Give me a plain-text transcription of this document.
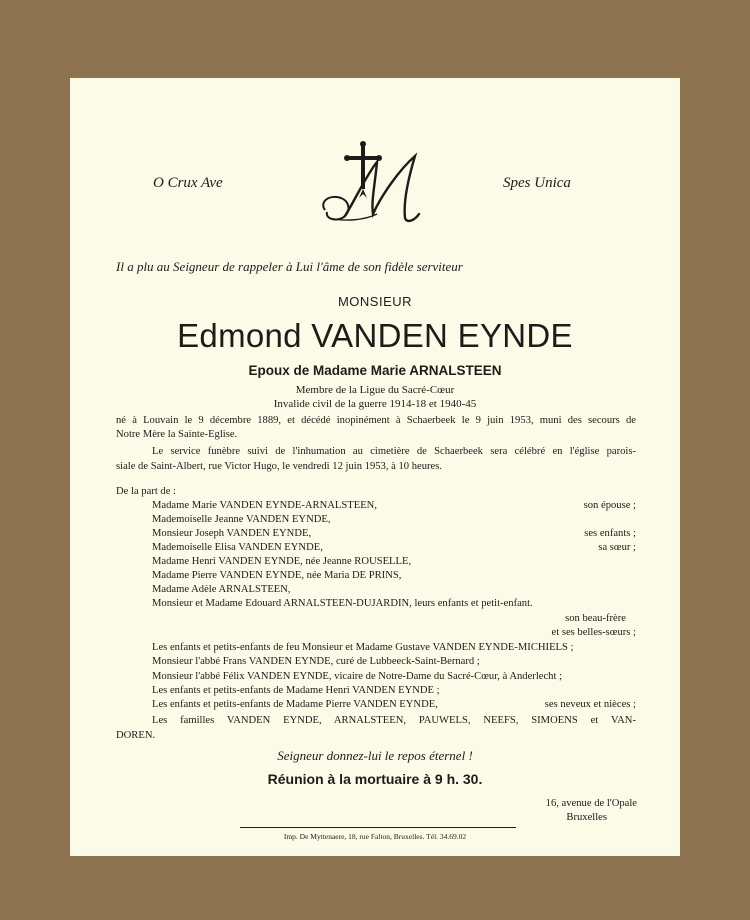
O Crux Ave	Spes Unica
Il a plu au Seigneur de rappeler à Lui l'âme de son fidèle serviteur
MONSIEUR
Edmond VANDEN EYNDE
Epoux de Madame Marie ARNALSTEEN
Membre de la Ligue du Sacré-Cœur
Invalide civil de la guerre 1914-18 et 1940-45
né à Louvain le 9 décembre 1889, et décédé inopinément à Schaerbeek le 9 juin 1953, muni des secours de
Notre Mère la Sainte-Eglise.
Le service funèbre suivi de l'inhumation au cimetière de Schaerbeek sera célébré en l'église parois-
siale de Saint-Albert, rue Victor Hugo, le vendredi 12 juin 1953, à 10 heures.
De la part de :
Madame Marie VANDEN EYNDE-ARNALSTEEN,	son épouse ;
Mademoiselle Jeanne VANDEN EYNDE,
Monsieur Joseph VANDEN EYNDE,	ses enfants ;
Mademoiselle Elisa VANDEN EYNDE,	sa sœur ;
Madame Henri VANDEN EYNDE, née Jeanne ROUSELLE,
Madame Pierre VANDEN EYNDE, née Maria DE PRINS,
Madame Adèle ARNALSTEEN,
Monsieur et Madame Edouard ARNALSTEEN-DUJARDIN, leurs enfants et petit-enfant.
son beau-frère
et ses belles-sœurs ;
Les enfants et petits-enfants de feu Monsieur et Madame Gustave VANDEN EYNDE-MICHIELS ;
Monsieur l'abbé Frans VANDEN EYNDE, curé de Lubbeeck-Saint-Bernard ;
Monsieur l'abbé Félix VANDEN EYNDE, vicaire de Notre-Dame du Sacré-Cœur, à Anderlecht ;
Les enfants et petits-enfants de Madame Henri VANDEN EYNDE ;
Les enfants et petits-enfants de Madame Pierre VANDEN EYNDE,	ses neveux et nièces ;
Les familles VANDEN EYNDE, ARNALSTEEN, PAUWELS, NEEFS, SIMOENS et VAN-
DOREN.
Seigneur donnez-lui le repos éternel !
Réunion à la mortuaire à 9 h. 30.
16, avenue de l'Opale
Bruxelles
Imp. De Myttenaere, 18, rue Falton, Bruxelles. Tél. 34.69.02
